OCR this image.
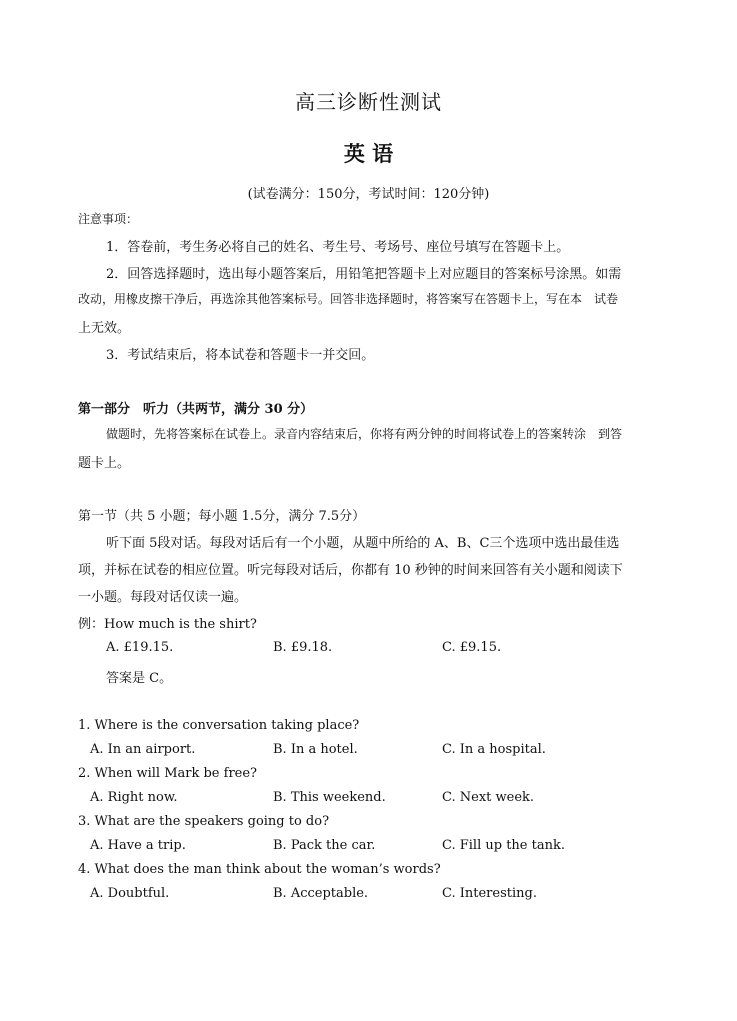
高三诊断性测试
英 语
(试卷满分：150分，考试时间：120分钟)
注意事项：
1．答卷前，考生务必将自己的姓名、考生号、考场号、座位号填写在答题卡上。
2．回答选择题时，选出每小题答案后，用铅笔把答题卡上对应题目的答案标号涂黑。如需
改动，用橡皮擦干净后，再选涂其他答案标号。回答非选择题时，将答案写在答题卡上，写在本　试卷
上无效。
3．考试结束后，将本试卷和答题卡一并交回。
第一部分　听力（共两节，满分 30 分）
做题时，先将答案标在试卷上。录音内容结束后，你将有两分钟的时间将试卷上的答案转涂　到答
题卡上。
第一节（共 5 小题；每小题 1.5分，满分 7.5分）
听下面 5段对话。每段对话后有一个小题，从题中所给的 A、B、C三个选项中选出最佳选
项，并标在试卷的相应位置。听完每段对话后，你都有 10 秒钟的时间来回答有关小题和阅读下
一小题。每段对话仅读一遍。
例：How much is the shirt?
A. £19.15.	B. £9.18.	C. £9.15.
答案是 C。
1. Where is the conversation taking place?
A. In an airport.	B. In a hotel.	C. In a hospital.
2. When will Mark be free?
A. Right now.	B. This weekend.	C. Next week.
3. What are the speakers going to do?
A. Have a trip.	B. Pack the car.	C. Fill up the tank.
4. What does the man think about the woman’s words?
A. Doubtful.	B. Acceptable.	C. Interesting.
